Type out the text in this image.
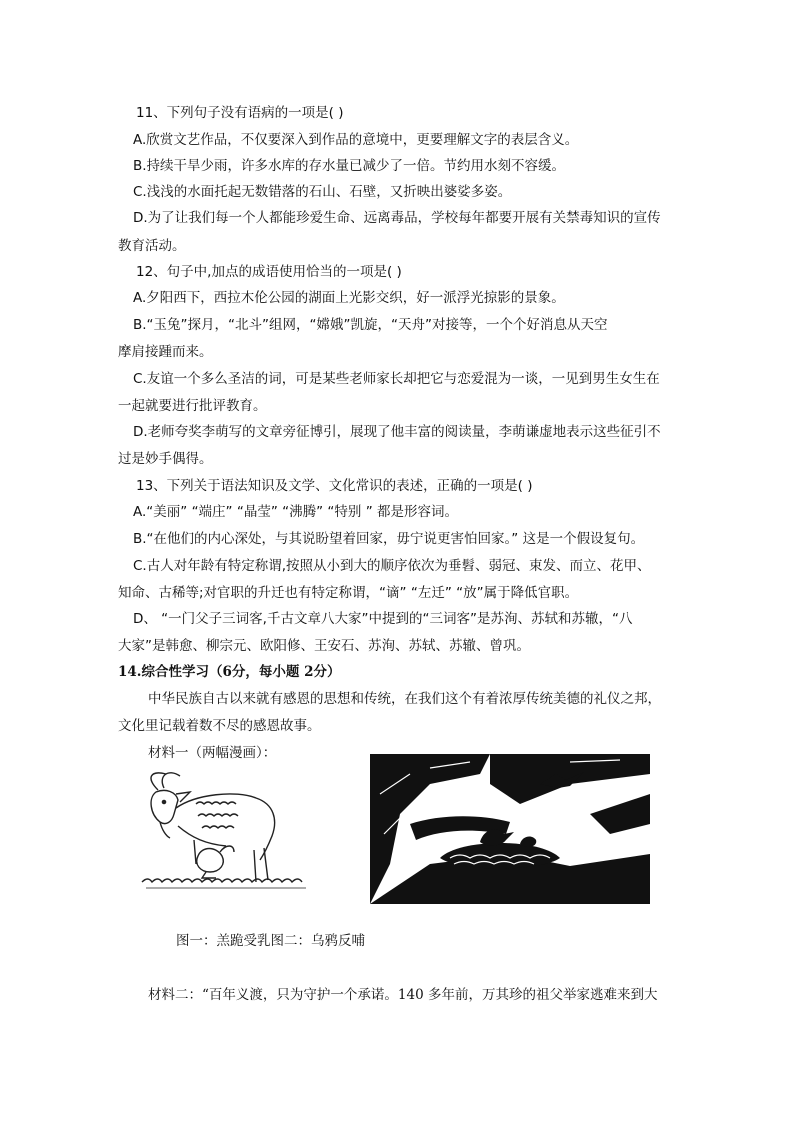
11、下列句子没有语病的一项是( )
A.欣赏文艺作品，不仅要深入到作品的意境中，更要理解文字的表层含义。
B.持续干旱少雨，许多水库的存水量已减少了一倍。节约用水刻不容缓。
C.浅浅的水面托起无数错落的石山、石壁，又折映出婆娑多姿。
D.为了让我们每一个人都能珍爱生命、远离毒品，学校每年都要开展有关禁毒知识的宣传
教育活动。
12、句子中,加点的成语使用恰当的一项是( )
A.夕阳西下，西拉木伦公园的湖面上光影交织，好一派浮光掠影的景象。
B.“玉兔”探月，“北斗”组网，“嫦娥”凯旋，“天舟”对接等，一个个好消息从天空
摩肩接踵而来。
C.友谊一个多么圣洁的词，可是某些老师家长却把它与恋爱混为一谈，一见到男生女生在
一起就要进行批评教育。
D.老师夸奖李萌写的文章旁征博引，展现了他丰富的阅读量，李萌谦虚地表示这些征引不
过是妙手偶得。
13、下列关于语法知识及文学、文化常识的表述，正确的一项是( )
A.“美丽” “端庄” “晶莹” “沸腾” “特别 ” 都是形容词。
B.“在他们的内心深处，与其说盼望着回家，毋宁说更害怕回家。” 这是一个假设复句。
C.古人对年龄有特定称谓,按照从小到大的顺序依次为垂髫、弱冠、束发、而立、花甲、
知命、古稀等;对官职的升迁也有特定称谓，“谪” “左迁” “放”属于降低官职。
D、 “一门父子三词客,千古文章八大家”中提到的“三词客”是苏洵、苏轼和苏辙，“八
大家”是韩愈、柳宗元、欧阳修、王安石、苏洵、苏轼、苏辙、曾巩。
14.综合性学习（6分，每小题 2分）
中华民族自古以来就有感恩的思想和传统，在我们这个有着浓厚传统美德的礼仪之邦，
文化里记载着数不尽的感恩故事。
材料一（两幅漫画）：
图一：羔跪受乳图二：乌鸦反哺
材料二：“百年义渡，只为守护一个承诺。140 多年前，万其珍的祖父举家逃难来到大
